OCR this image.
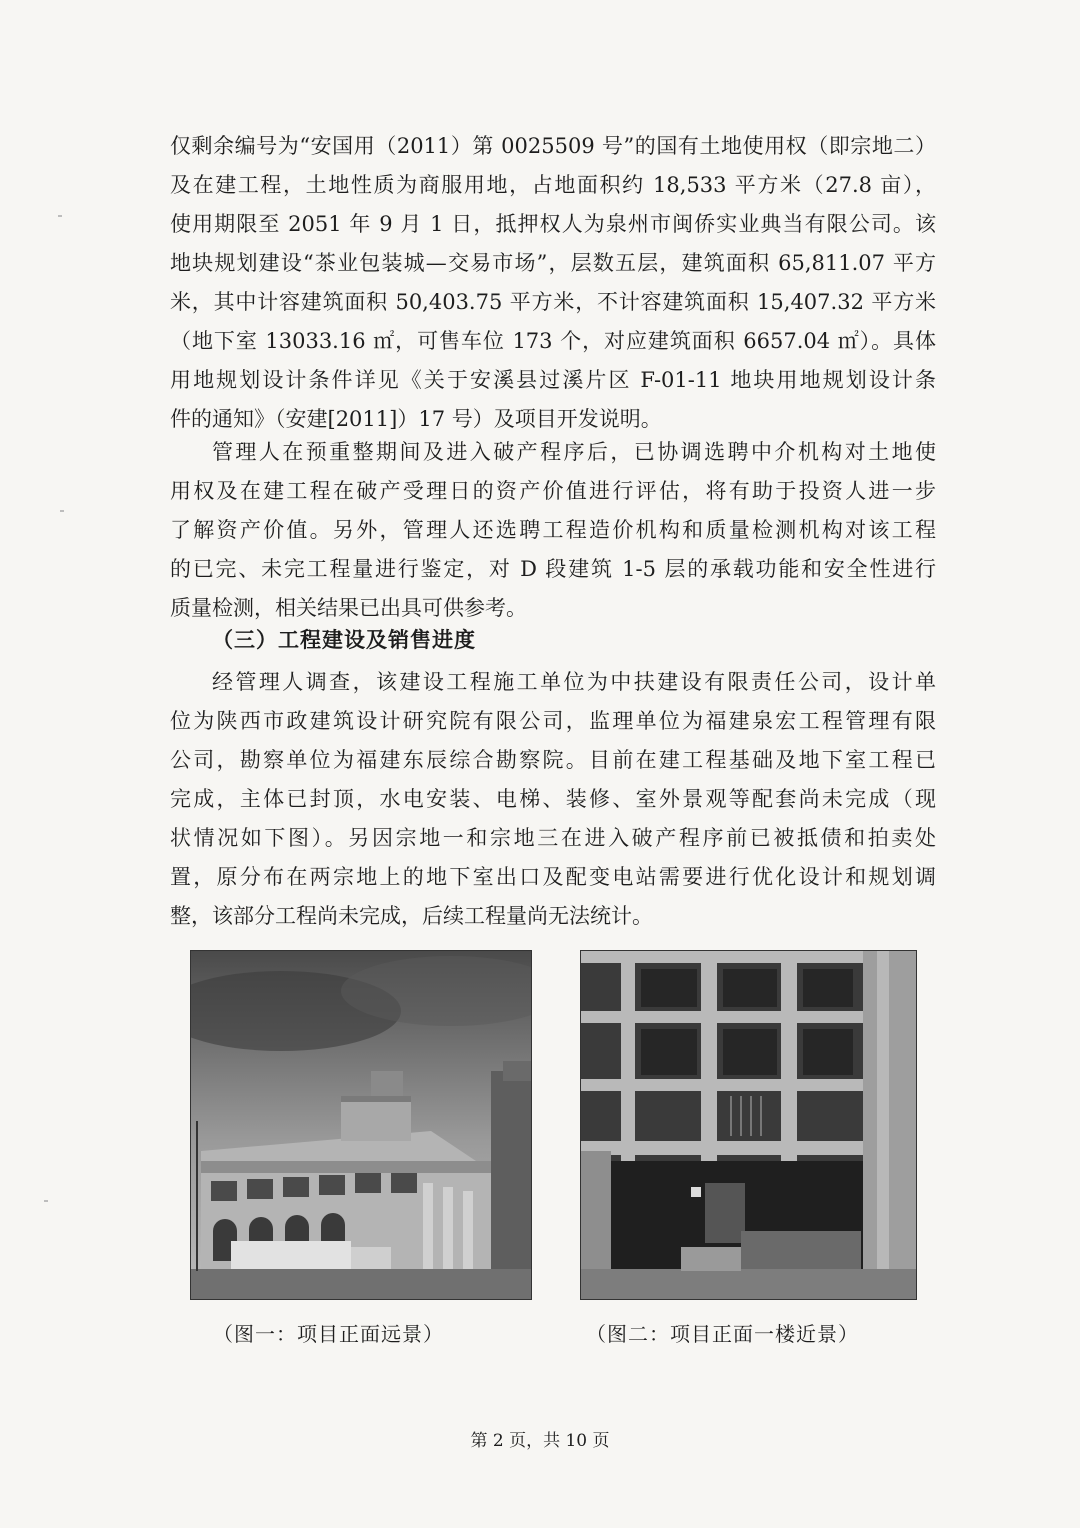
仅剩余编号为“安国用（2011）第 0025509 号”的国有土地使用权（即宗地二）
及在建工程，土地性质为商服用地，占地面积约 18,533 平方米（27.8 亩），
使用期限至 2051 年 9 月 1 日，抵押权人为泉州市闽侨实业典当有限公司。该
地块规划建设“茶业包装城—交易市场”，层数五层，建筑面积 65,811.07 平方
米，其中计容建筑面积 50,403.75 平方米，不计容建筑面积 15,407.32 平方米
（地下室 13033.16 ㎡，可售车位 173 个，对应建筑面积 6657.04 ㎡）。具体
用地规划设计条件详见《关于安溪县过溪片区 F-01-11 地块用地规划设计条
件的通知》（安建[2011]）17 号）及项目开发说明。
管理人在预重整期间及进入破产程序后，已协调选聘中介机构对土地使
用权及在建工程在破产受理日的资产价值进行评估，将有助于投资人进一步
了解资产价值。另外，管理人还选聘工程造价机构和质量检测机构对该工程
的已完、未完工程量进行鉴定，对 D 段建筑 1-5 层的承载功能和安全性进行
质量检测，相关结果已出具可供参考。
（三）工程建设及销售进度
经管理人调查，该建设工程施工单位为中扶建设有限责任公司，设计单
位为陕西市政建筑设计研究院有限公司，监理单位为福建泉宏工程管理有限
公司，勘察单位为福建东辰综合勘察院。目前在建工程基础及地下室工程已
完成，主体已封顶，水电安装、电梯、装修、室外景观等配套尚未完成（现
状情况如下图）。另因宗地一和宗地三在进入破产程序前已被抵债和拍卖处
置，原分布在两宗地上的地下室出口及配变电站需要进行优化设计和规划调
整，该部分工程尚未完成，后续工程量尚无法统计。
（图一：项目正面远景）	（图二：项目正面一楼近景）
第 2 页，共 10 页
